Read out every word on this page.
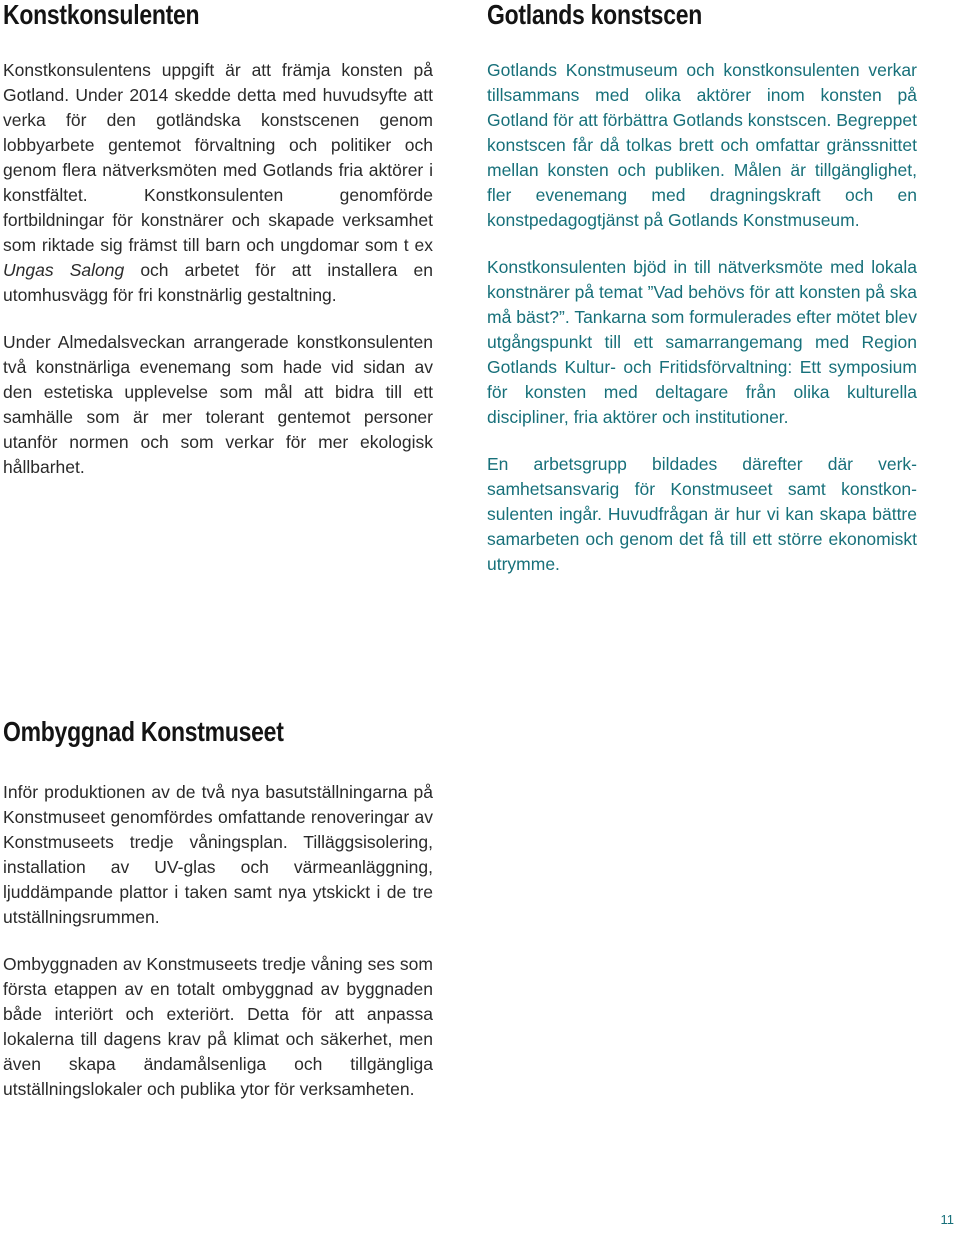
Konstkonsulenten

Konstkonsulentens uppgift är att främja konsten på Gotland. Under 2014 skedde detta med huvudsyfte att verka för den gotländska konstscenen genom lobbyarbete gentemot förvaltning och politiker och genom flera nätverksmöten med Gotlands fria aktörer i konstfältet. Konstkonsulenten genomförde fortbildningar för konstnärer och skapade verksamhet som riktade sig främst till barn och ungdomar som t ex Ungas Salong och arbetet för att installera en utomhusvägg för fri konstnärlig gestaltning.

Under Almedalsveckan arrangerade konstkonsulenten två konstnärliga evenemang som hade vid sidan av den estetiska upplevelse som mål att bidra till ett samhälle som är mer tolerant gentemot personer utanför normen och som verkar för mer ekologisk hållbarhet.

Gotlands konstscen

Gotlands Konstmuseum och konstkonsulenten verkar tillsammans med olika aktörer inom konsten på Gotland för att förbättra Gotlands konstscen. Begreppet konstscen får då tolkas brett och omfattar gränssnittet mellan konsten och publiken. Målen är tillgänglighet, fler evenemang med dragningskraft och en konstpedagogtjänst på Gotlands Konstmuseum.

Konstkonsulenten bjöd in till nätverksmöte med lokala konstnärer på temat ”Vad behövs för att konsten på ska må bäst?”. Tankarna som formulerades efter mötet blev utgångspunkt till ett samarrangemang med Region Gotlands Kultur- och Fritidsförvaltning: Ett symposium för konsten med deltagare från olika kulturella discipliner, fria aktörer och institutioner.

En arbetsgrupp bildades därefter där verksamhetsansvarig för Konstmuseet samt konstkonsulenten ingår. Huvudfrågan är hur vi kan skapa bättre samarbeten och genom det få till ett större ekonomiskt utrymme.

Ombyggnad Konstmuseet

Inför produktionen av de två nya basutställningarna på Konstmuseet genomfördes omfattande renoveringar av Konstmuseets tredje våningsplan. Tilläggsisolering, installation av UV-glas och värmeanläggning, ljuddämpande plattor i taken samt nya ytskickt i de tre utställningsrummen.

Ombyggnaden av Konstmuseets tredje våning ses som första etappen av en totalt ombyggnad av byggnaden både interiört och exteriört. Detta för att anpassa lokalerna till dagens krav på klimat och säkerhet, men även skapa ändamålsenliga och tillgängliga utställningslokaler och publika ytor för verksamheten.

11
